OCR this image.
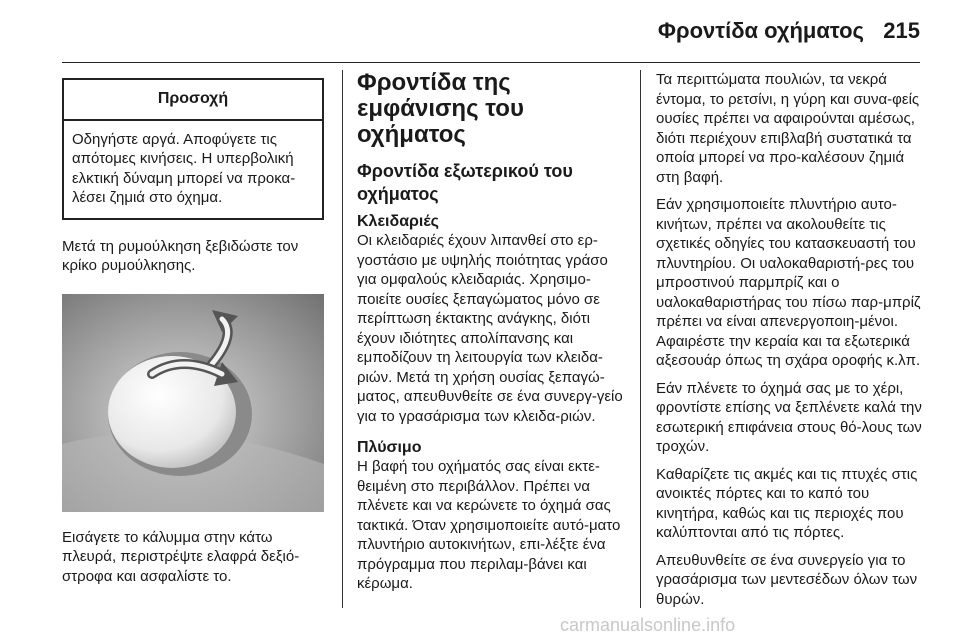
Φροντίδα οχήματος 215
Προσοχή
Οδηγήστε αργά. Αποφύγετε τις απότομες κινήσεις. Η υπερβολική ελκτική δύναμη μπορεί να προκα-λέσει ζημιά στο όχημα.

Μετά τη ρυμούλκηση ξεβιδώστε τον κρίκο ρυμούλκησης.

Εισάγετε το κάλυμμα στην κάτω πλευρά, περιστρέψτε ελαφρά δεξιό-στροφα και ασφαλίστε το.

Φροντίδα της εμφάνισης του οχήματος
Φροντίδα εξωτερικού του οχήματος
Κλειδαριές

Οι κλειδαριές έχουν λιπανθεί στο ερ-γοστάσιο με υψηλής ποιότητας γράσο για ομφαλούς κλειδαριάς. Χρησιμο-ποιείτε ουσίες ξεπαγώματος μόνο σε περίπτωση έκτακτης ανάγκης, διότι έχουν ιδιότητες απολίπανσης και εμποδίζουν τη λειτουργία των κλειδα-ριών. Μετά τη χρήση ουσίας ξεπαγώ-ματος, απευθυνθείτε σε ένα συνεργ-γείο για το γρασάρισμα των κλειδα-ριών.

Πλύσιμο

Η βαφή του οχήματός σας είναι εκτε-θειμένη στο περιβάλλον. Πρέπει να πλένετε και να κερώνετε το όχημά σας τακτικά. Όταν χρησιμοποιείτε αυτό-ματο πλυντήριο αυτοκινήτων, επι-λέξτε ένα πρόγραμμα που περιλαμ-βάνει και κέρωμα.

Τα περιττώματα πουλιών, τα νεκρά έντομα, το ρετσίνι, η γύρη και συνα-φείς ουσίες πρέπει να αφαιρούνται αμέσως, διότι περιέχουν επιβλαβή συστατικά τα οποία μπορεί να προ-καλέσουν ζημιά στη βαφή.

Εάν χρησιμοποιείτε πλυντήριο αυτο-κινήτων, πρέπει να ακολουθείτε τις σχετικές οδηγίες του κατασκευαστή του πλυντηρίου. Οι υαλοκαθαριστή-ρες του μπροστινού παρμπρίζ και ο υαλοκαθαριστήρας του πίσω παρ-μπρίζ πρέπει να είναι απενεργοποιη-μένοι. Αφαιρέστε την κεραία και τα εξωτερικά αξεσουάρ όπως τη σχάρα οροφής κ.λπ.

Εάν πλένετε το όχημά σας με το χέρι, φροντίστε επίσης να ξεπλένετε καλά την εσωτερική επιφάνεια στους θό-λους των τροχών.

Καθαρίζετε τις ακμές και τις πτυχές στις ανοικτές πόρτες και το καπό του κινητήρα, καθώς και τις περιοχές που καλύπτονται από τις πόρτες.

Απευθυνθείτε σε ένα συνεργείο για το γρασάρισμα των μεντεσέδων όλων των θυρών.

carmanualsonline.info
